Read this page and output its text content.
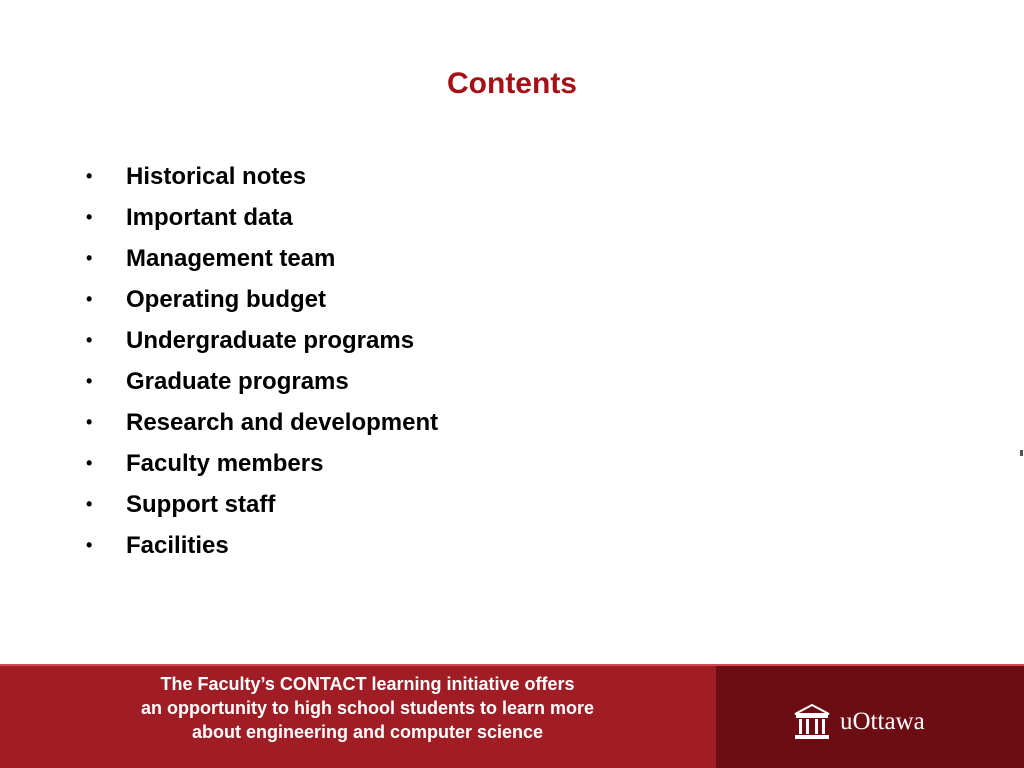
Contents
•	Historical notes
•	Important data
•	Management team
•	Operating budget
•	Undergraduate programs
•	Graduate programs
•	Research and development
•	Faculty members
•	Support staff
•	Facilities
The Faculty’s CONTACT learning initiative offers
an opportunity to high school students to learn more
about engineering and computer science	uOttawa
